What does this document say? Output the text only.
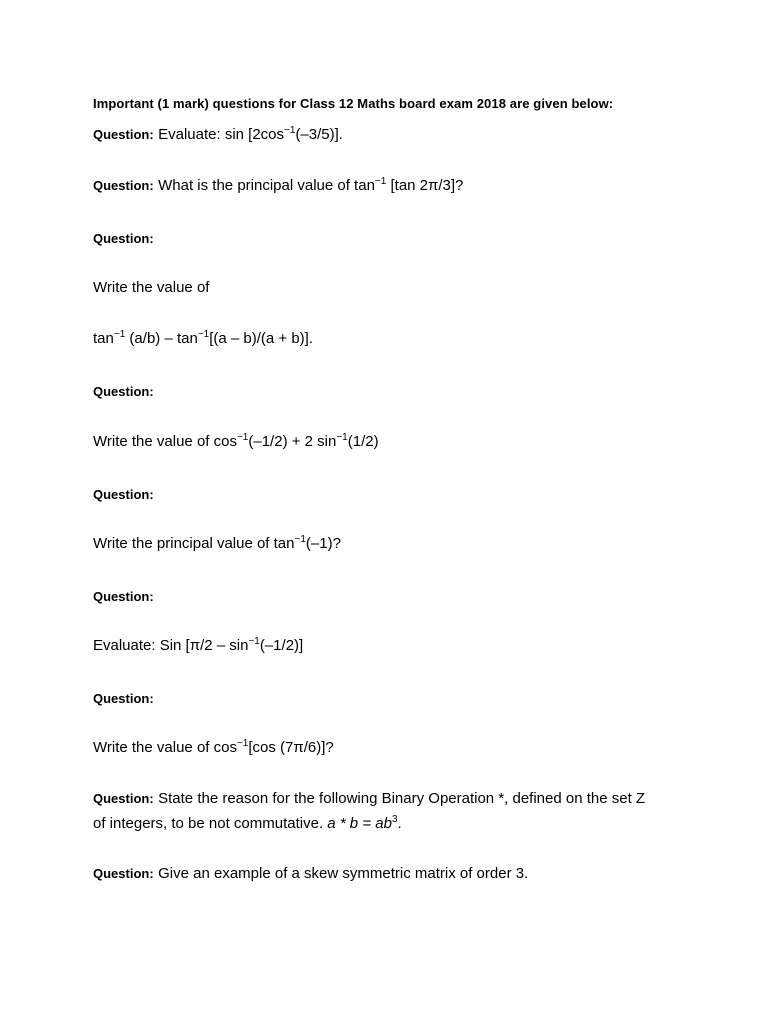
Important (1 mark) questions for Class 12 Maths board exam 2018 are given below:
Question: Evaluate: $\sin [2\cos^{-1}(-3/5)]$.
Question: What is the principal value of $\tan^{-1} [\tan$ 2π/3]?
Question:
Write the value of
$\tan^{-1} (a/b) - \tan^{-1}[(a - b)/(a + b)]$.
Question:
Write the value of $\cos^{-1}(-1/2) + 2$ $\sin^{-1}(1/2)$
Question:
Write the principal value of $\tan^{-1}(-1)$?
Question:
Evaluate: Sin $[\pi/2 - \sin^{-1}(-1/2)]$
Question:
Write the value of $\cos^{-1}[\cos$ (7π/6)]?
Question: State the reason for the following Binary Operation *, defined on the set Z
of integers, to be not commutative. $a * b = ab^3$.
Question: Give an example of a skew symmetric matrix of order 3.
